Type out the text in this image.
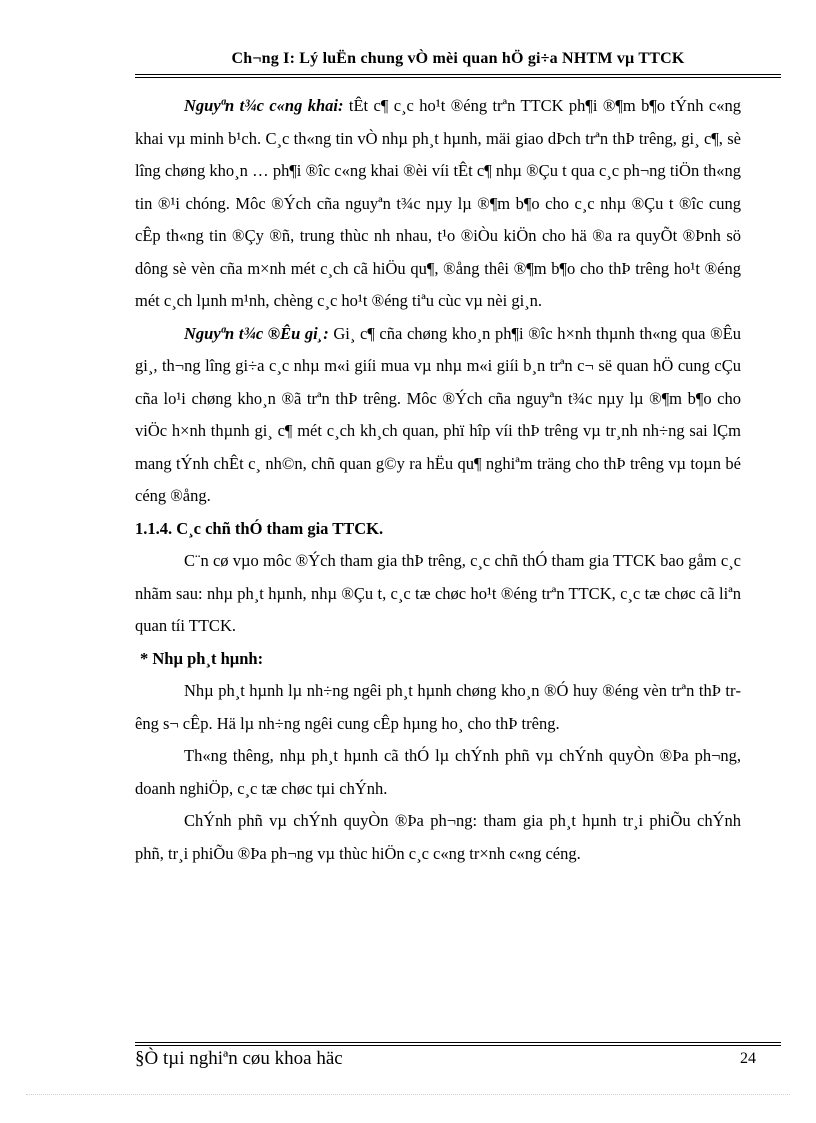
Ch¬ng I: Lý luËn chung vÒ mèi quan hÖ gi÷a NHTM vµ TTCK

Nguyªn t¾c c«ng khai: tÊt c¶ c¸c ho¹t ®éng trªn TTCK ph¶i ®¶m b¶o tÝnh c«ng khai vµ minh b¹ch. C¸c th«ng tin vÒ nhµ ph¸t hµnh, mäi giao dÞch trªn thÞ trêng, gi¸ c¶, sè lîng chøng kho¸n … ph¶i ®îc c«ng khai ®èi víi tÊt c¶ nhµ ®Çu t qua c¸c ph¬ng tiÖn th«ng tin ®¹i chóng. Môc ®Ých cña nguyªn t¾c nµy lµ ®¶m b¶o cho c¸c nhµ ®Çu t ®îc cung cÊp th«ng tin ®Çy ®ñ, trung thùc nh nhau, t¹o ®iÒu kiÖn cho hä ®a ra quyÕt ®Þnh sö dông sè vèn cña m×nh mét c¸ch cã hiÖu qu¶, ®ång thêi ®¶m b¶o cho thÞ trêng ho¹t ®éng mét c¸ch lµnh m¹nh, chèng c¸c ho¹t ®éng tiªu cùc vµ nèi gi¸n.

Nguyªn t¾c ®Êu gi¸: Gi¸ c¶ cña chøng kho¸n ph¶i ®îc h×nh thµnh th«ng qua ®Êu gi¸, th¬ng lîng gi÷a c¸c nhµ m«i giíi mua vµ nhµ m«i giíi b¸n trªn c¬ së quan hÖ cung cÇu cña lo¹i chøng kho¸n ®ã trªn thÞ trêng. Môc ®Ých cña nguyªn t¾c nµy lµ ®¶m b¶o cho viÖc h×nh thµnh gi¸ c¶ mét c¸ch kh¸ch quan, phï hîp víi thÞ trêng vµ tr¸nh nh÷ng sai lÇm mang tÝnh chÊt c¸ nh©n, chñ quan g©y ra hËu qu¶ nghiªm träng cho thÞ trêng vµ toµn bé céng ®ång.

1.1.4. C¸c chñ thÓ tham gia TTCK.

C¨n cø vµo môc ®Ých tham gia thÞ trêng, c¸c chñ thÓ tham gia TTCK bao gåm c¸c nhãm sau: nhµ ph¸t hµnh, nhµ ®Çu t, c¸c tæ chøc ho¹t ®éng trªn TTCK, c¸c tæ chøc cã liªn quan tíi TTCK.

* Nhµ ph¸t hµnh:

Nhµ ph¸t hµnh lµ nh÷ng ngêi ph¸t hµnh chøng kho¸n ®Ó huy ®éng vèn trªn thÞ trêng s¬ cÊp. Hä lµ nh÷ng ngêi cung cÊp hµng ho¸ cho thÞ trêng.

Th«ng thêng, nhµ ph¸t hµnh cã thÓ lµ chÝnh phñ vµ chÝnh quyÒn ®Þa ph¬ng, doanh nghiÖp, c¸c tæ chøc tµi chÝnh.

ChÝnh phñ vµ chÝnh quyÒn ®Þa ph¬ng: tham gia ph¸t hµnh tr¸i phiÕu chÝnh phñ, tr¸i phiÕu ®Þa ph¬ng vµ thùc hiÖn c¸c c«ng tr×nh c«ng céng.

§Ò tµi nghiªn cøu khoa häc	24
